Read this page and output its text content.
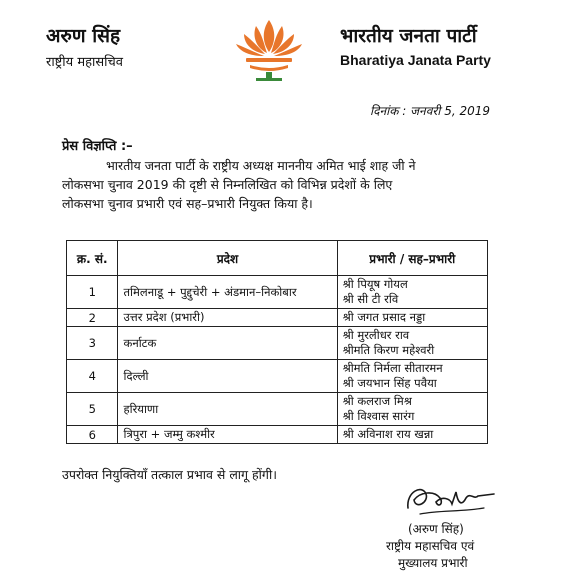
अरुण सिंह
राष्ट्रीय महासचिव
भारतीय जनता पार्टी
Bharatiya Janata Party
दिनांक : जनवरी 5, 2019
प्रेस विज्ञप्ति :–
भारतीय जनता पार्टी के राष्ट्रीय अध्यक्ष माननीय अमित भाई शाह जी ने
लोकसभा चुनाव 2019 की दृष्टी से निम्नलिखित को विभिन्न प्रदेशों के लिए
लोकसभा चुनाव प्रभारी एवं सह–प्रभारी नियुक्त किया है।
क्र. सं.	प्रदेश	प्रभारी / सह–प्रभारी
1	तमिलनाडू + पुद्दुचेरी + अंडमान–निकोबार	श्री पियूष गोयल
श्री सी टी रवि

2	उत्तर प्रदेश (प्रभारी)	श्री जगत प्रसाद नड्डा

3	कर्नाटक	श्री मुरलीधर राव
श्रीमति किरण महेश्वरी

4	दिल्ली	श्रीमति निर्मला सीतारमन
श्री जयभान सिंह पवैया

5	हरियाणा	श्री कलराज मिश्र
श्री विश्वास सारंग

6	त्रिपुरा + जम्मु कश्मीर	श्री अविनाश राय खन्ना
उपरोक्त नियुक्तियाँ तत्काल प्रभाव से लागू होंगी।
(अरुण सिंह)
राष्ट्रीय महासचिव एवं
मुख्यालय प्रभारी
